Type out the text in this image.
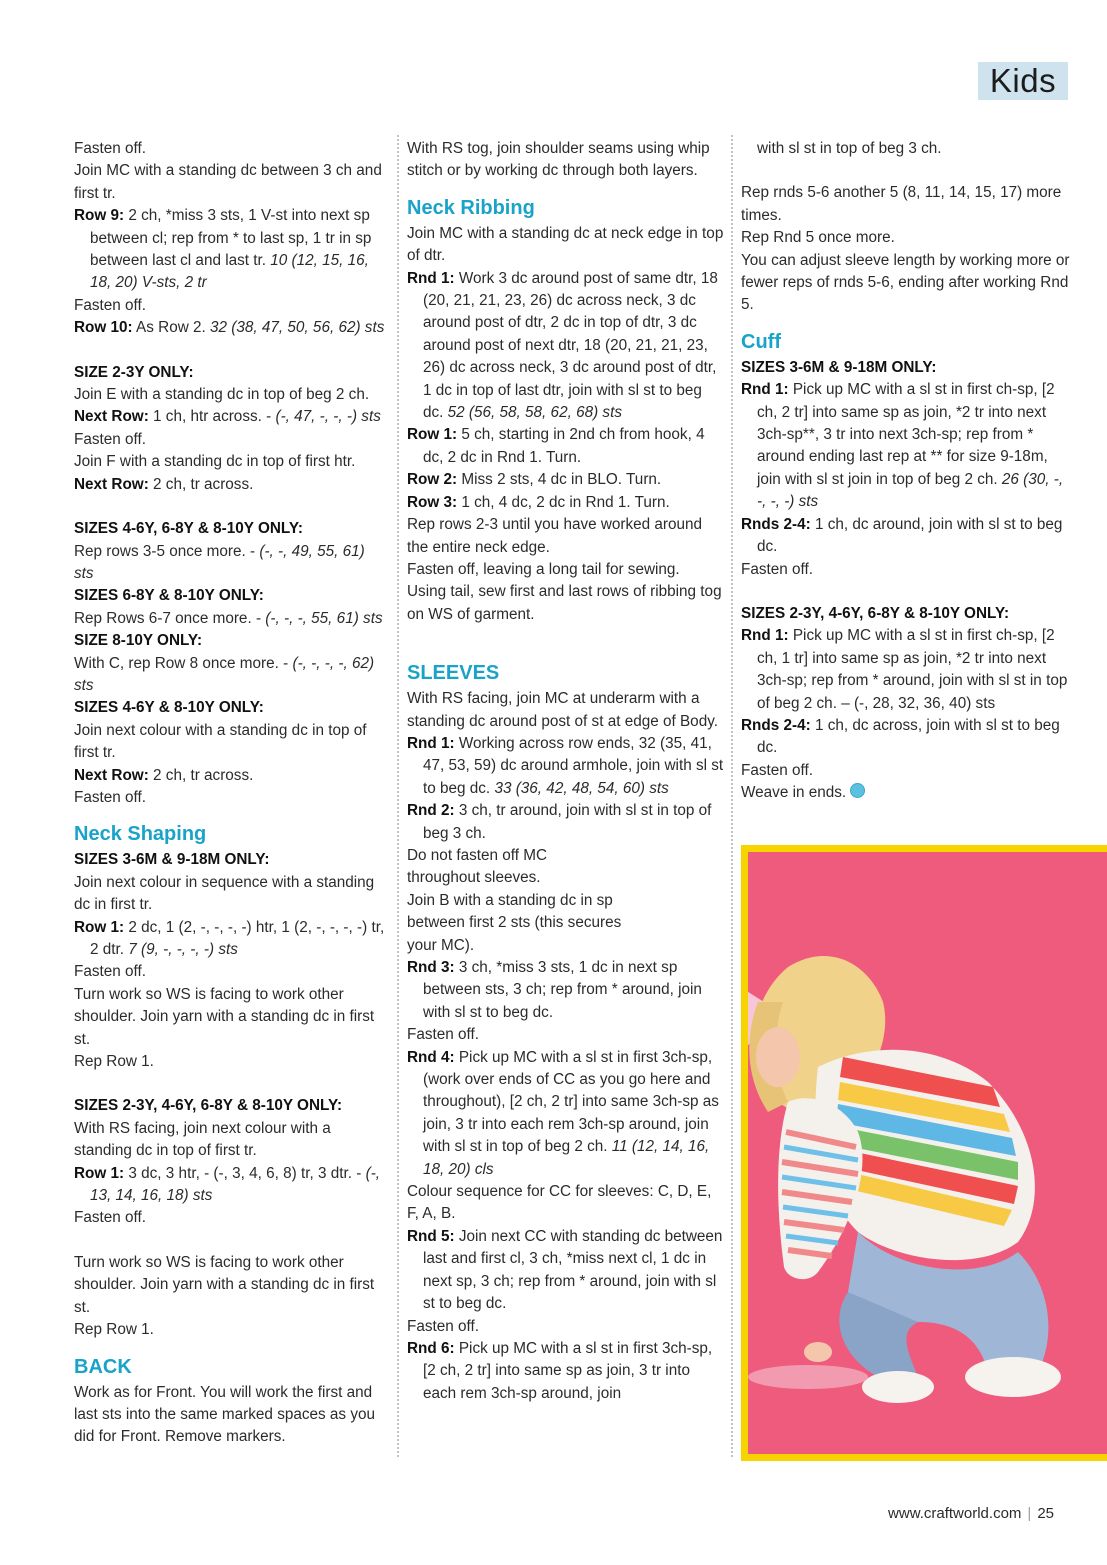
Kids

Fasten off.

Join MC with a standing dc between 3 ch and first tr.

Row 9: 2 ch, *miss 3 sts, 1 V-st into next sp between cl; rep from * to last sp, 1 tr in sp between last cl and last tr. 10 (12, 15, 16, 18, 20) V-sts, 2 tr

Fasten off.

Row 10: As Row 2. 32 (38, 47, 50, 56, 62) sts

SIZE 2-3Y ONLY:

Join E with a standing dc in top of beg 2 ch.

Next Row: 1 ch, htr across. - (-, 47, -, -, -) sts

Fasten off.

Join F with a standing dc in top of first htr.

Next Row: 2 ch, tr across.

SIZES 4-6Y, 6-8Y & 8-10Y ONLY:

Rep rows 3-5 once more. - (-, -, 49, 55, 61) sts

SIZES 6-8Y & 8-10Y ONLY:

Rep Rows 6-7 once more. - (-, -, -, 55, 61) sts

SIZE 8-10Y ONLY:

With C, rep Row 8 once more. - (-, -, -, -, 62) sts

SIZES 4-6Y & 8-10Y ONLY:

Join next colour with a standing dc in top of first tr.

Next Row: 2 ch, tr across.

Fasten off.

Neck Shaping

SIZES 3-6M & 9-18M ONLY:

Join next colour in sequence with a standing dc in first tr.

Row 1: 2 dc, 1 (2, -, -, -, -) htr, 1 (2, -, -, -, -) tr, 2 dtr. 7 (9, -, -, -, -) sts

Fasten off.

Turn work so WS is facing to work other shoulder. Join yarn with a standing dc in first st.

Rep Row 1.

SIZES 2-3Y, 4-6Y, 6-8Y & 8-10Y ONLY:

With RS facing, join next colour with a standing dc in top of first tr.

Row 1: 3 dc, 3 htr, - (-, 3, 4, 6, 8) tr, 3 dtr. - (-, 13, 14, 16, 18) sts

Fasten off.

Turn work so WS is facing to work other shoulder. Join yarn with a standing dc in first st.

Rep Row 1.

BACK

Work as for Front. You will work the first and last sts into the same marked spaces as you did for Front. Remove markers.

With RS tog, join shoulder seams using whip stitch or by working dc through both layers.

Neck Ribbing

Join MC with a standing dc at neck edge in top of dtr.

Rnd 1: Work 3 dc around post of same dtr, 18 (20, 21, 21, 23, 26) dc across neck, 3 dc around post of dtr, 2 dc in top of dtr, 3 dc around post of next dtr, 18 (20, 21, 21, 23, 26) dc across neck, 3 dc around post of dtr, 1 dc in top of last dtr, join with sl st to beg dc. 52 (56, 58, 58, 62, 68) sts

Row 1: 5 ch, starting in 2nd ch from hook, 4 dc, 2 dc in Rnd 1. Turn.

Row 2: Miss 2 sts, 4 dc in BLO. Turn.

Row 3: 1 ch, 4 dc, 2 dc in Rnd 1. Turn.

Rep rows 2-3 until you have worked around the entire neck edge.

Fasten off, leaving a long tail for sewing.

Using tail, sew first and last rows of ribbing tog on WS of garment.

SLEEVES

With RS facing, join MC at underarm with a standing dc around post of st at edge of Body.

Rnd 1: Working across row ends, 32 (35, 41, 47, 53, 59) dc around armhole, join with sl st to beg dc. 33 (36, 42, 48, 54, 60) sts

Rnd 2: 3 ch, tr around, join with sl st in top of beg 3 ch.

Do not fasten off MC

throughout sleeves.

Join B with a standing dc in sp

between first 2 sts (this secures

your MC).

Rnd 3: 3 ch, *miss 3 sts, 1 dc in next sp between sts, 3 ch; rep from * around, join with sl st to beg dc.

Fasten off.

Rnd 4: Pick up MC with a sl st in first 3ch-sp, (work over ends of CC as you go here and throughout), [2 ch, 2 tr] into same 3ch-sp as join, 3 tr into each rem 3ch-sp around, join with sl st in top of beg 2 ch. 11 (12, 14, 16, 18, 20) cls

Colour sequence for CC for sleeves: C, D, E, F, A, B.

Rnd 5: Join next CC with standing dc between last and first cl, 3 ch, *miss next cl, 1 dc in next sp, 3 ch; rep from * around, join with sl st to beg dc.

Fasten off.

Rnd 6: Pick up MC with a sl st in first 3ch-sp, [2 ch, 2 tr] into same sp as join, 3 tr into each rem 3ch-sp around, join

with sl st in top of beg 3 ch.

Rep rnds 5-6 another 5 (8, 11, 14, 15, 17) more times.

Rep Rnd 5 once more.

You can adjust sleeve length by working more or fewer reps of rnds 5-6, ending after working Rnd 5.

Cuff

SIZES 3-6M & 9-18M ONLY:

Rnd 1: Pick up MC with a sl st in first ch-sp, [2 ch, 2 tr] into same sp as join, *2 tr into next 3ch-sp**, 3 tr into next 3ch-sp; rep from * around ending last rep at ** for size 9-18m, join with sl st join in top of beg 2 ch. 26 (30, -, -, -, -) sts

Rnds 2-4: 1 ch, dc around, join with sl st to beg dc.

Fasten off.

SIZES 2-3Y, 4-6Y, 6-8Y & 8-10Y ONLY:

Rnd 1: Pick up MC with a sl st in first ch-sp, [2 ch, 1 tr] into same sp as join, *2 tr into next 3ch-sp; rep from * around, join with sl st in top of beg 2 ch. – (-, 28, 32, 36, 40) sts

Rnds 2-4: 1 ch, dc across, join with sl st to beg dc.

Fasten off.

Weave in ends.

www.craftworld.com | 25
